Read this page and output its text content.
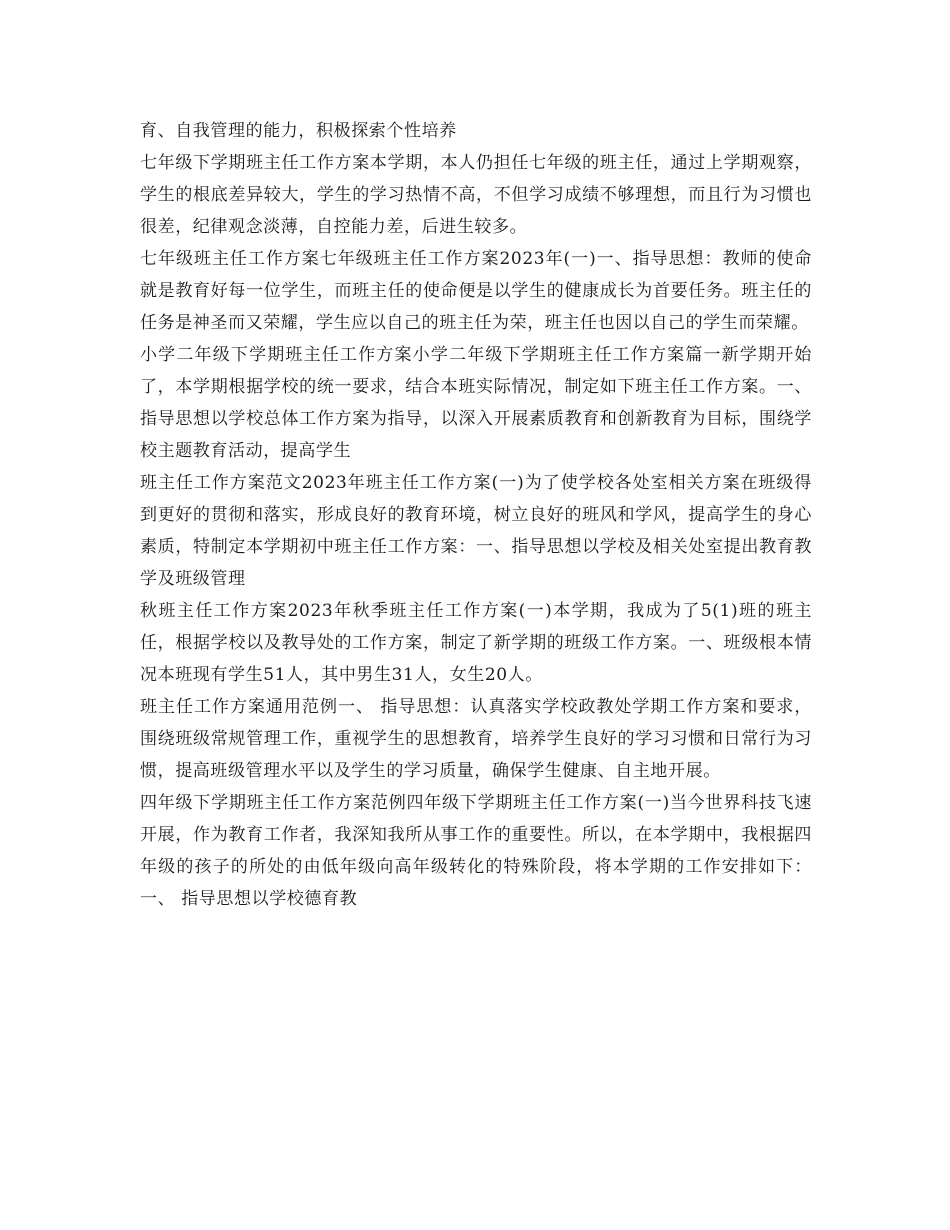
育、自我管理的能力，积极探索个性培养

七年级下学期班主任工作方案本学期，本人仍担任七年级的班主任，通过上学期观察，学生的根底差异较大，学生的学习热情不高，不但学习成绩不够理想，而且行为习惯也很差，纪律观念淡薄，自控能力差，后进生较多。

七年级班主任工作方案七年级班主任工作方案2023年(一)一、指导思想：教师的使命就是教育好每一位学生，而班主任的使命便是以学生的健康成长为首要任务。班主任的任务是神圣而又荣耀，学生应以自己的班主任为荣，班主任也因以自己的学生而荣耀。

小学二年级下学期班主任工作方案小学二年级下学期班主任工作方案篇一新学期开始了，本学期根据学校的统一要求，结合本班实际情况，制定如下班主任工作方案。一、指导思想以学校总体工作方案为指导，以深入开展素质教育和创新教育为目标，围绕学校主题教育活动，提高学生

班主任工作方案范文2023年班主任工作方案(一)为了使学校各处室相关方案在班级得到更好的贯彻和落实，形成良好的教育环境，树立良好的班风和学风，提高学生的身心素质，特制定本学期初中班主任工作方案：一、指导思想以学校及相关处室提出教育教学及班级管理

秋班主任工作方案2023年秋季班主任工作方案(一)本学期，我成为了5(1)班的班主任，根据学校以及教导处的工作方案，制定了新学期的班级工作方案。一、班级根本情况本班现有学生51人，其中男生31人，女生20人。

班主任工作方案通用范例一、 指导思想：认真落实学校政教处学期工作方案和要求，围绕班级常规管理工作，重视学生的思想教育，培养学生良好的学习习惯和日常行为习惯，提高班级管理水平以及学生的学习质量，确保学生健康、自主地开展。

四年级下学期班主任工作方案范例四年级下学期班主任工作方案(一)当今世界科技飞速开展，作为教育工作者，我深知我所从事工作的重要性。所以，在本学期中，我根据四年级的孩子的所处的由低年级向高年级转化的特殊阶段，将本学期的工作安排如下：一、 指导思想以学校德育教
